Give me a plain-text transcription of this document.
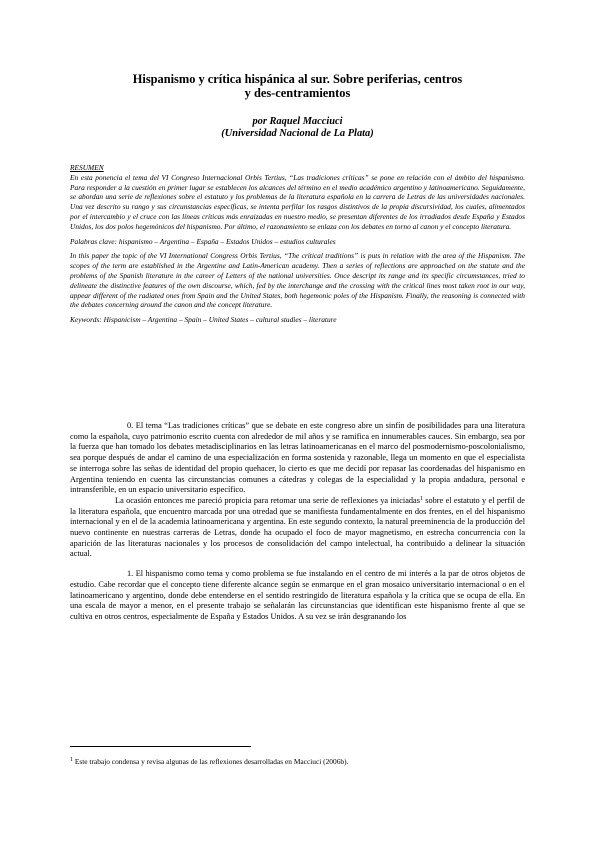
Hispanismo y crítica hispánica al sur. Sobre periferias, centros
y des-centramientos
por Raquel Macciuci
(Universidad Nacional de La Plata)
RESUMEN

En esta ponencia el tema del VI Congreso Internacional Orbis Tertius, “Las tradiciones críticas” se pone en relación con el ámbito del hispanismo. Para responder a la cuestión en primer lugar se establecen los alcances del término en el medio académico argentino y latinoamericano. Seguidamente, se abordan una serie de reflexiones sobre el estatuto y los problemas de la literatura española en la carrera de Letras de las universidades nacionales. Una vez descrito su rango y sus circunstancias específicas, se intenta perfilar los rasgos distintivos de la propia discursividad, los cuales, alimentados por el intercambio y el cruce con las líneas críticas más enraizadas en nuestro medio, se presentan diferentes de los irradiados desde España y Estados Unidos, los dos polos hegemónicos del hispanismo. Por último, el razonamiento se enlaza con los debates en torno al canon y el concepto literatura.

Palabras clave: hispanismo – Argentina – España – Estados Unidos – estudios culturales

In this paper the topic of the VI International Congress Orbis Tertius, “The critical traditions” is puts in relation with the area of the Hispanism. The scopes of the term are established in the Argentine and Latin-American academy. Then a series of reflections are approached on the statute and the problems of the Spanish literature in the career of Letters of the national universities. Once descript its range and its specific circumstances, tried to delineate the distinctive features of the own discourse, which, fed by the interchange and the crossing with the critical lines most taken root in our way, appear different of the radiated ones from Spain and the United States, both hegemonic poles of the Hispanism. Finally, the reasoning is connected with the debates concerning around the canon and the concept literature.

Keywords: Hispanicism – Argentina – Spain – United States – cultural studies – literature

0. El tema “Las tradiciones críticas” que se debate en este congreso abre un sinfín de posibilidades para una literatura como la española, cuyo patrimonio escrito cuenta con alrededor de mil años y se ramifica en innumerables cauces. Sin embargo, sea por la fuerza que han tomado los debates metadisciplinarios en las letras latinoamericanas en el marco del posmodernismo-poscolonialismo, sea porque después de andar el camino de una especialización en forma sostenida y razonable, llega un momento en que el especialista se interroga sobre las señas de identidad del propio quehacer, lo cierto es que me decidí por repasar las coordenadas del hispanismo en Argentina teniendo en cuenta las circunstancias comunes a cátedras y colegas de la especialidad y la propia andadura, personal e intransferible, en un espacio universitario específico.

La ocasión entonces me pareció propicia para retomar una serie de reflexiones ya iniciadas$^1$ sobre el estatuto y el perfil de la literatura española, que encuentro marcada por una otredad que se manifiesta fundamentalmente en dos frentes, en el del hispanismo internacional y en el de la academia latinoamericana y argentina. En este segundo contexto, la natural preeminencia de la producción del nuevo continente en nuestras carreras de Letras, donde ha ocupado el foco de mayor magnetismo, en estrecha concurrencia con la aparición de las literaturas nacionales y los procesos de consolidación del campo intelectual, ha contribuido a delinear la situación actual.

1. El hispanismo como tema y como problema se fue instalando en el centro de mi interés a la par de otros objetos de estudio. Cabe recordar que el concepto tiene diferente alcance según se enmarque en el gran mosaico universitario internacional o en el latinoamericano y argentino, donde debe entenderse en el sentido restringido de literatura española y la crítica que se ocupa de ella. En una escala de mayor a menor, en el presente trabajo se señalarán las circunstancias que identifican este hispanismo frente al que se cultiva en otros centros, especialmente de España y Estados Unidos. A su vez se irán desgranando los

$^1$ Este trabajo condensa y revisa algunas de las reflexiones desarrolladas en Macciuci (2006b).
